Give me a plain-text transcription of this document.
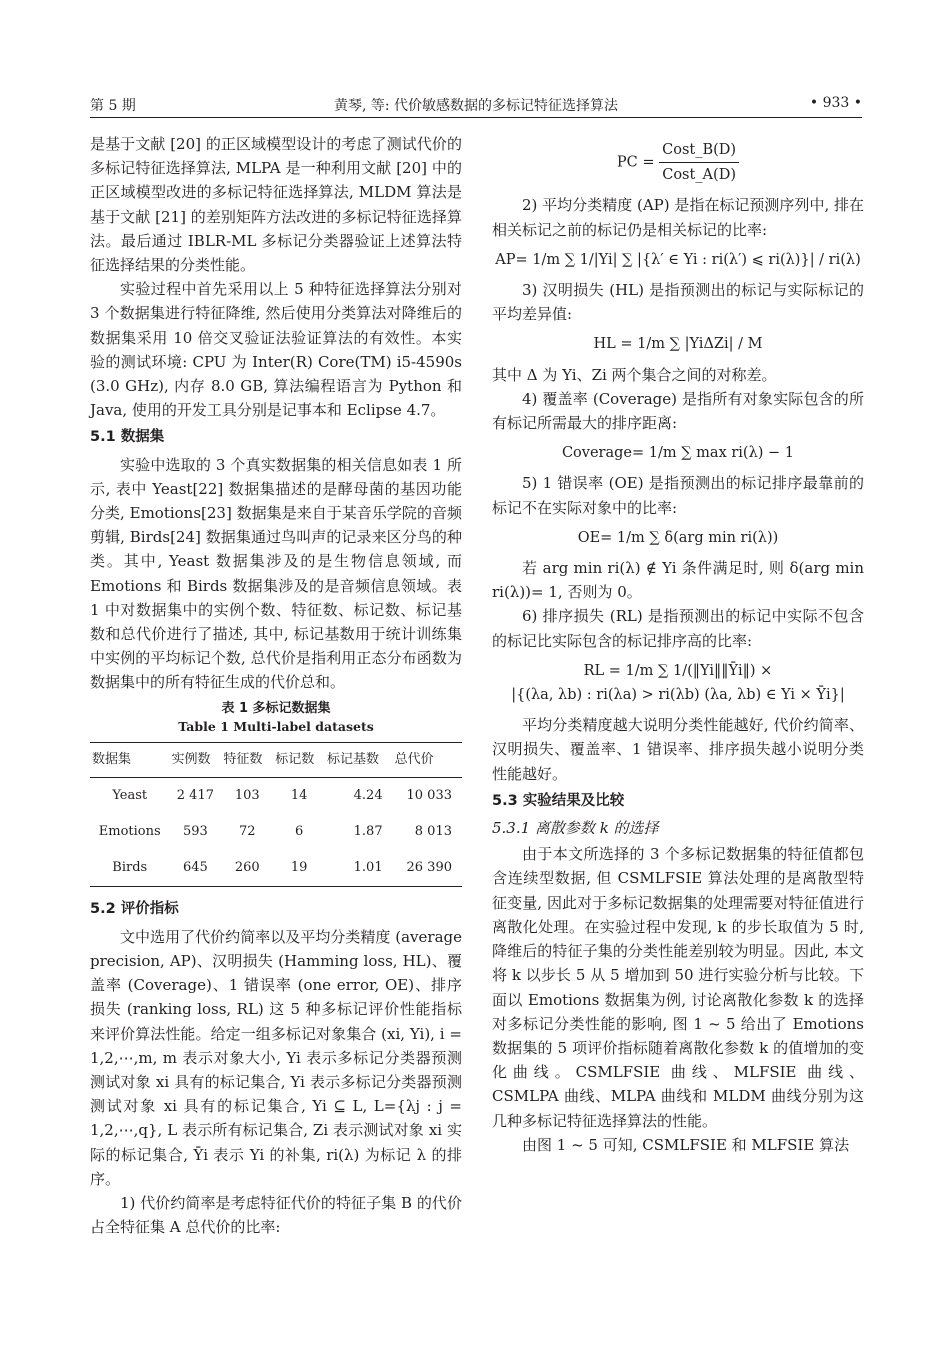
第 5 期	黄琴, 等: 代价敏感数据的多标记特征选择算法	• 933 •

是基于文献 [20] 的正区域模型设计的考虑了测试代价的多标记特征选择算法, MLPA 是一种利用文献 [20] 中的正区域模型改进的多标记特征选择算法, MLDM 算法是基于文献 [21] 的差别矩阵方法改进的多标记特征选择算法。最后通过 IBLR-ML 多标记分类器验证上述算法特征选择结果的分类性能。

实验过程中首先采用以上 5 种特征选择算法分别对 3 个数据集进行特征降维, 然后使用分类算法对降维后的数据集采用 10 倍交叉验证法验证算法的有效性。本实验的测试环境: CPU 为 Inter(R) Core(TM) i5-4590s (3.0 GHz), 内存 8.0 GB, 算法编程语言为 Python 和 Java, 使用的开发工具分别是记事本和 Eclipse 4.7。

5.1 数据集

实验中选取的 3 个真实数据集的相关信息如表 1 所示, 表中 Yeast[22] 数据集描述的是酵母菌的基因功能分类, Emotions[23] 数据集是来自于某音乐学院的音频剪辑, Birds[24] 数据集通过鸟叫声的记录来区分鸟的种类。其中, Yeast 数据集涉及的是生物信息领域, 而 Emotions 和 Birds 数据集涉及的是音频信息领域。表 1 中对数据集中的实例个数、特征数、标记数、标记基数和总代价进行了描述, 其中, 标记基数用于统计训练集中实例的平均标记个数, 总代价是指利用正态分布函数为数据集中的所有特征生成的代价总和。

表 1 多标记数据集
Table 1 Multi-label datasets
数据集	实例数	特征数	标记数	标记基数	总代价
Yeast	2 417	103	14	4.24	10 033
Emotions	593	72	6	1.87	8 013
Birds	645	260	19	1.01	26 390

5.2 评价指标

文中选用了代价约简率以及平均分类精度 (average precision, AP)、汉明损失 (Hamming loss, HL)、覆盖率 (Coverage)、1 错误率 (one error, OE)、排序损失 (ranking loss, RL) 这 5 种多标记评价性能指标来评价算法性能。给定一组多标记对象集合 (xi, Yi), i = 1,2,⋯,m, m 表示对象大小, Yi 表示多标记分类器预测测试对象 xi 具有的标记集合, Yi 表示多标记分类器预测测试对象 xi 具有的标记集合, Yi ⊆ L, L={λj : j = 1,2,⋯,q}, L 表示所有标记集合, Zi 表示测试对象 xi 实际的标记集合, Ȳi 表示 Yi 的补集, ri(λ) 为标记 λ 的排序。

1) 代价约简率是考虑特征代价的特征子集 B 的代价占全特征集 A 总代价的比率:

PC = $\frac{\text{Cost\_B(D)}}{\text{Cost\_A(D)}}$

2) 平均分类精度 (AP) 是指在标记预测序列中, 排在相关标记之前的标记仍是相关标记的比率:

AP= 1/m ∑ 1/|Yi| ∑ |{λ′ ∈ Yi : ri(λ′) ⩽ ri(λ)}| / ri(λ)

3) 汉明损失 (HL) 是指预测出的标记与实际标记的平均差异值:

HL = 1/m ∑ |YiΔZi| / M

其中 Δ 为 Yi、Zi 两个集合之间的对称差。

4) 覆盖率 (Coverage) 是指所有对象实际包含的所有标记所需最大的排序距离:

Coverage= 1/m ∑ max ri(λ) − 1

5) 1 错误率 (OE) 是指预测出的标记排序最靠前的标记不在实际对象中的比率:

OE= 1/m ∑ δ(arg min ri(λ))

若 arg min ri(λ) ∉ Yi 条件满足时, 则 δ(arg min ri(λ))= 1, 否则为 0。

6) 排序损失 (RL) 是指预测出的标记中实际不包含的标记比实际包含的标记排序高的比率:

RL = 1/m ∑ 1/(‖Yi‖‖Ȳi‖) ×
|{(λa, λb) : ri(λa) > ri(λb) (λa, λb) ∈ Yi × Ȳi}|

平均分类精度越大说明分类性能越好, 代价约简率、汉明损失、覆盖率、1 错误率、排序损失越小说明分类性能越好。

5.3 实验结果及比较

5.3.1 离散参数 k 的选择

由于本文所选择的 3 个多标记数据集的特征值都包含连续型数据, 但 CSMLFSIE 算法处理的是离散型特征变量, 因此对于多标记数据集的处理需要对特征值进行离散化处理。在实验过程中发现, k 的步长取值为 5 时, 降维后的特征子集的分类性能差别较为明显。因此, 本文将 k 以步长 5 从 5 增加到 50 进行实验分析与比较。下面以 Emotions 数据集为例, 讨论离散化参数 k 的选择对多标记分类性能的影响, 图 1 ~ 5 给出了 Emotions 数据集的 5 项评价指标随着离散化参数 k 的值增加的变化曲线。CSMLFSIE 曲线、MLFSIE 曲线、CSMLPA 曲线、MLPA 曲线和 MLDM 曲线分别为这几种多标记特征选择算法的性能。

由图 1 ~ 5 可知, CSMLFSIE 和 MLFSIE 算法
